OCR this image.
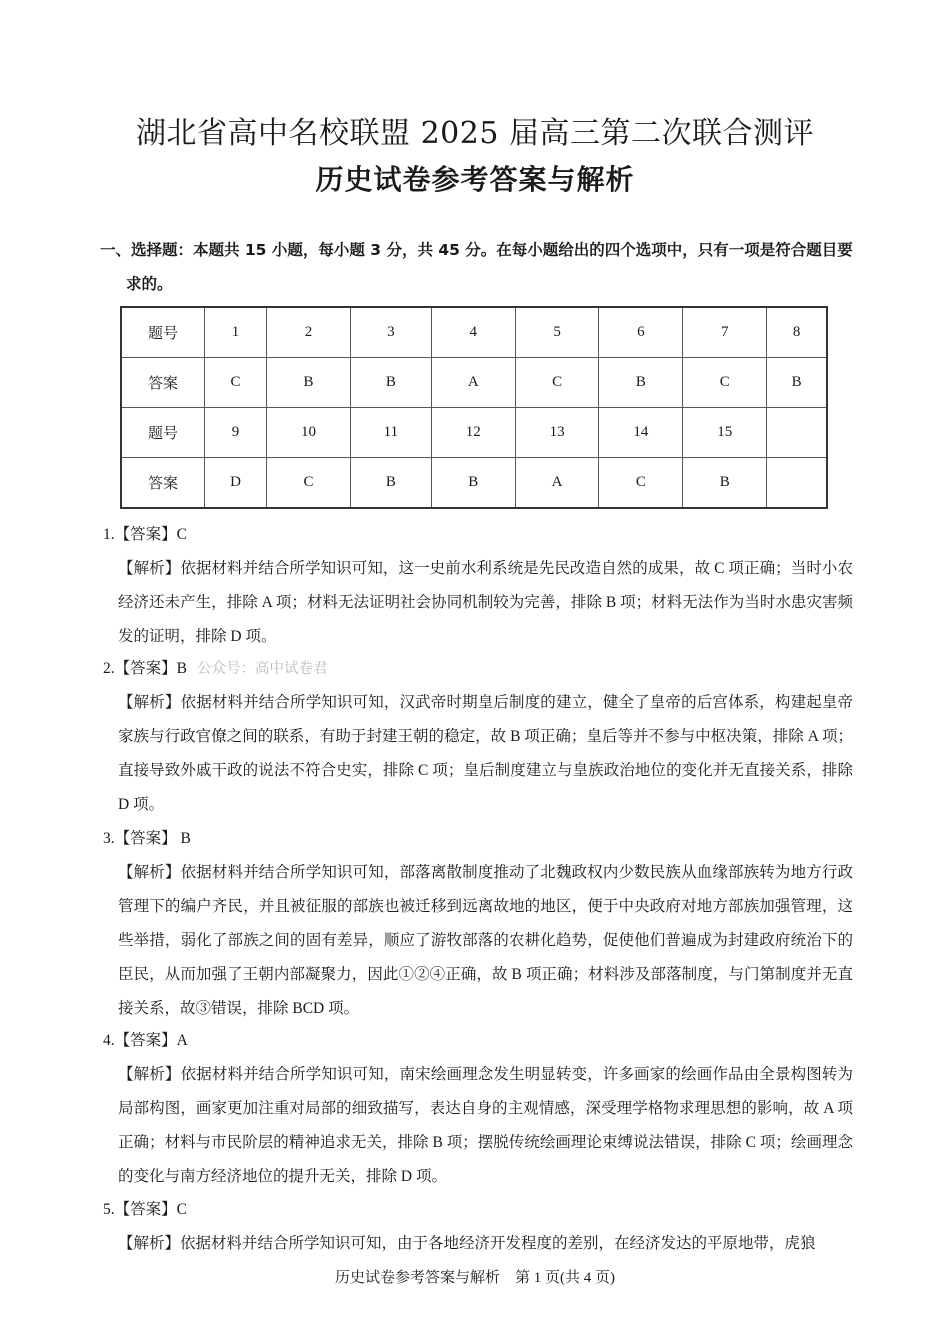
湖北省高中名校联盟 2025 届高三第二次联合测评
历史试卷参考答案与解析
一、选择题：本题共 15 小题，每小题 3 分，共 45 分。在每小题给出的四个选项中，只有一项是符合题目要
求的。
题号	1	2	3	4	5	6	7	8
答案	C	B	B	A	C	B	C	B
题号	9	10	11	12	13	14	15	
答案	D	C	B	B	A	C	B	
1.【答案】C
【解析】依据材料并结合所学知识可知，这一史前水利系统是先民改造自然的成果，故 C 项正确；当时小农经济还未产生，排除 A 项；材料无法证明社会协同机制较为完善，排除 B 项；材料无法作为当时水患灾害频发的证明，排除 D 项。
2.【答案】B 公众号：高中试卷君
【解析】依据材料并结合所学知识可知，汉武帝时期皇后制度的建立，健全了皇帝的后宫体系，构建起皇帝家族与行政官僚之间的联系，有助于封建王朝的稳定，故 B 项正确；皇后等并不参与中枢决策，排除 A 项；直接导致外戚干政的说法不符合史实，排除 C 项；皇后制度建立与皇族政治地位的变化并无直接关系，排除 D 项。
3.【答案】 B
【解析】依据材料并结合所学知识可知，部落离散制度推动了北魏政权内少数民族从血缘部族转为地方行政管理下的编户齐民，并且被征服的部族也被迁移到远离故地的地区，便于中央政府对地方部族加强管理，这些举措，弱化了部族之间的固有差异，顺应了游牧部落的农耕化趋势，促使他们普遍成为封建政府统治下的臣民，从而加强了王朝内部凝聚力，因此①②④正确，故 B 项正确；材料涉及部落制度，与门第制度并无直接关系，故③错误，排除 BCD 项。
4.【答案】A
【解析】依据材料并结合所学知识可知，南宋绘画理念发生明显转变，许多画家的绘画作品由全景构图转为局部构图，画家更加注重对局部的细致描写，表达自身的主观情感，深受理学格物求理思想的影响，故 A 项正确；材料与市民阶层的精神追求无关，排除 B 项；摆脱传统绘画理论束缚说法错误，排除 C 项；绘画理念的变化与南方经济地位的提升无关，排除 D 项。
5.【答案】C
【解析】依据材料并结合所学知识可知，由于各地经济开发程度的差别，在经济发达的平原地带，虎狼
历史试卷参考答案与解析　第 1 页(共 4 页)
